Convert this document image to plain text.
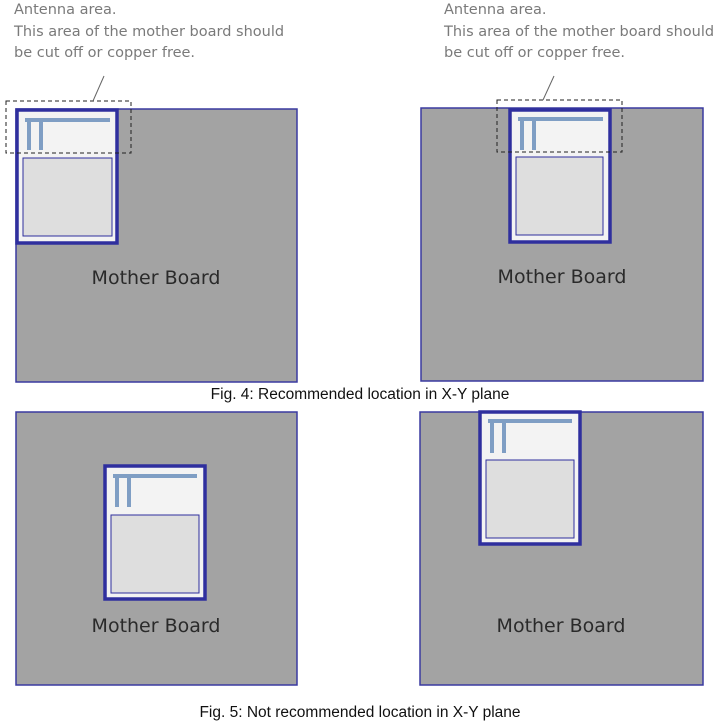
Antenna area.
This area of the mother board should
be cut off or copper free.
Mother Board
Antenna area.
This area of the mother board should
be cut off or copper free.
Mother Board
Fig. 4: Recommended location in X-Y plane
Mother Board	Mother Board
Fig. 5: Not recommended location in X-Y plane
